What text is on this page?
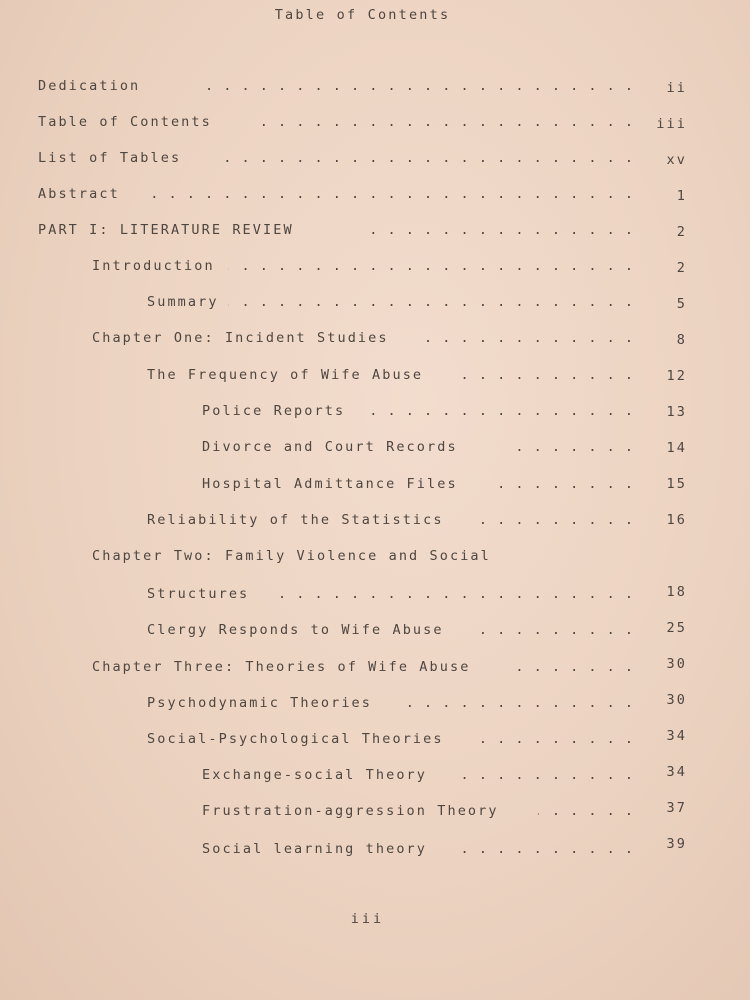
Table of Contents
Dedication . . .	ii
Table of Contents . . .	iii
List of Tables . . .	xv
Abstract . . .	1
PART I: LITERATURE REVIEW . . .	2
Introduction . . .	2
Summary . . .	5
Chapter One: Incident Studies . . .	8
The Frequency of Wife Abuse . . .	12
Police Reports . . .	13
Divorce and Court Records . . .	14
Hospital Admittance Files . . .	15
Reliability of the Statistics . . .	16
Chapter Two: Family Violence and Social
Structures . . .	18
Clergy Responds to Wife Abuse . . .	25
Chapter Three: Theories of Wife Abuse . . .	30
Psychodynamic Theories . . .	30
Social-Psychological Theories . . .	34
Exchange-social Theory . . .	34
Frustration-aggression Theory . . .	37
Social learning theory . . .	39
iii
